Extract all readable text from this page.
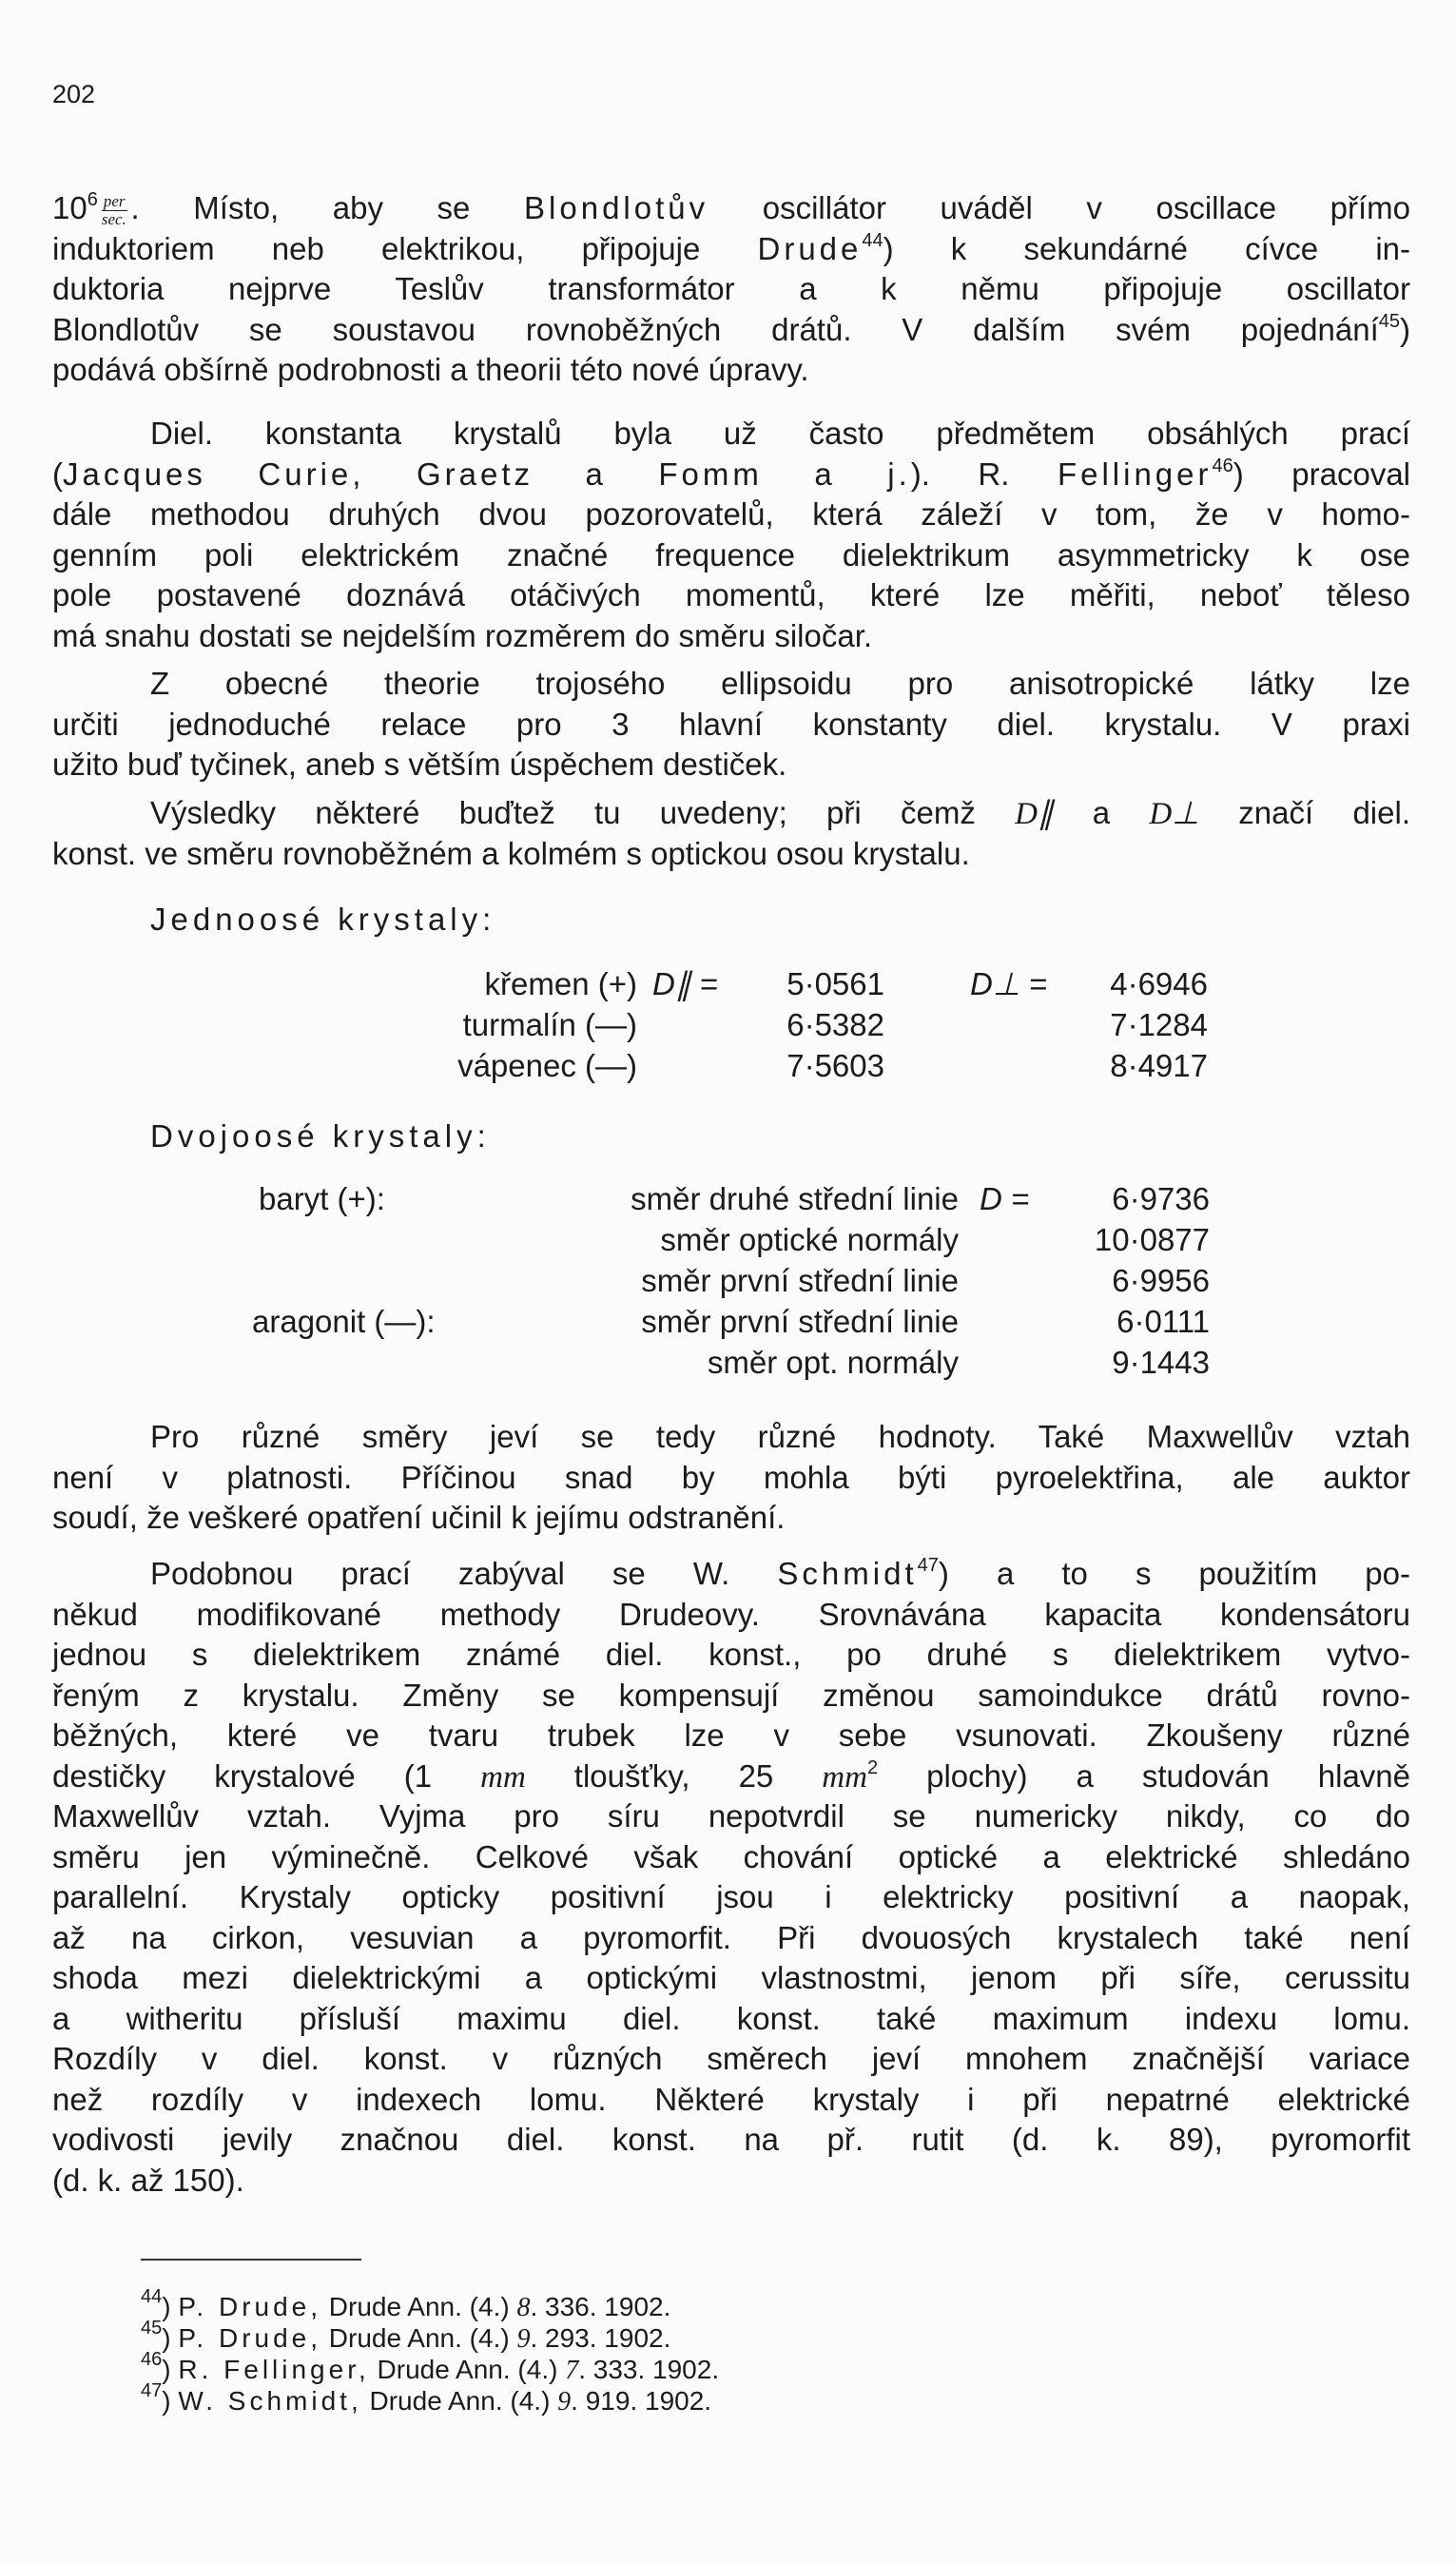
202
$10^6 \frac{\text{per}}{\sec.}$ . Místo, aby se Blondlotův oscillátor uváděl v oscillace přímo
induktoriem neb elektrikou, připojuje Drude$^{44}$) k sekundárné cívce in-
duktoria nejprve Teslův transformátor a k němu připojuje oscillator
Blondlotův se soustavou rovnoběžných drátů. V dalším svém pojednání$^{45}$)
podává obšírně podrobnosti a theorii této nové úpravy.
Diel. konstanta krystalů byla už často předmětem obsáhlých prací
(Jacques Curie, Graetz a Fomm a j.). R. Fellinger$^{46}$) pracoval
dále methodou druhých dvou pozorovatelů, která záleží v tom, že v homo-
genním poli elektrickém značné frequence dielektrikum asymmetricky k ose
pole postavené doznává otáčivých momentů, které lze měřiti, neboť těleso
má snahu dostati se nejdelším rozměrem do směru siločar.
Z obecné theorie trojosého ellipsoidu pro anisotropické látky lze
určiti jednoduché relace pro 3 hlavní konstanty diel. krystalu. V praxi
užito buď tyčinek, aneb s větším úspěchem destiček.
Výsledky některé buďtež tu uvedeny; při čemž D∥ a D⊥ značí diel.
konst. ve směru rovnoběžném a kolmém s optickou osou krystalu.
Jednoosé krystaly:
křemen (+) D∥ =	5·0561	D⊥ =	4·6946
turmalín (—)	6·5382	7·1284
vápenec (—)	7·5603	8·4917
Dvojoosé krystaly:
baryt (+):	směr druhé střední linie D =	6·9736
směr optické normály	10·0877
směr první střední linie	6·9956
aragonit (—):	směr první střední linie	6·0111
směr opt. normály	9·1443
Pro různé směry jeví se tedy různé hodnoty. Také Maxwellův vztah
není v platnosti. Příčinou snad by mohla býti pyroelektřina, ale auktor
soudí, že veškeré opatření učinil k jejímu odstranění.
Podobnou prací zabýval se W. Schmidt$^{47}$) a to s použitím po-
někud modifikované methody Drudeovy. Srovnávána kapacita kondensátoru
jednou s dielektrikem známé diel. konst., po druhé s dielektrikem vytvo-
řeným z krystalu. Změny se kompensují změnou samoindukce drátů rovno-
běžných, které ve tvaru trubek lze v sebe vsunovati. Zkoušeny různé
destičky krystalové (1 mm tloušťky, 25 $mm^2$ plochy) a studován hlavně
Maxwellův vztah. Vyjma pro síru nepotvrdil se numericky nikdy, co do
směru jen výminečně. Celkové však chování optické a elektrické shledáno
parallelní. Krystaly opticky positivní jsou i elektricky positivní a naopak,
až na cirkon, vesuvian a pyromorfit. Při dvouosých krystalech také není
shoda mezi dielektrickými a optickými vlastnostmi, jenom při síře, cerussitu
a witheritu přísluší maximu diel. konst. také maximum indexu lomu.
Rozdíly v diel. konst. v různých směrech jeví mnohem značnější variace
než rozdíly v indexech lomu. Některé krystaly i při nepatrné elektrické
vodivosti jevily značnou diel. konst. na př. rutit (d. k. 89), pyromorfit
(d. k. až 150).
$^{44}$) P. Drude, Drude Ann. (4.) 8. 336. 1902.
$^{45}$) P. Drude, Drude Ann. (4.) 9. 293. 1902.
$^{46}$) R. Fellinger, Drude Ann. (4.) 7. 333. 1902.
$^{47}$) W. Schmidt, Drude Ann. (4.) 9. 919. 1902.
